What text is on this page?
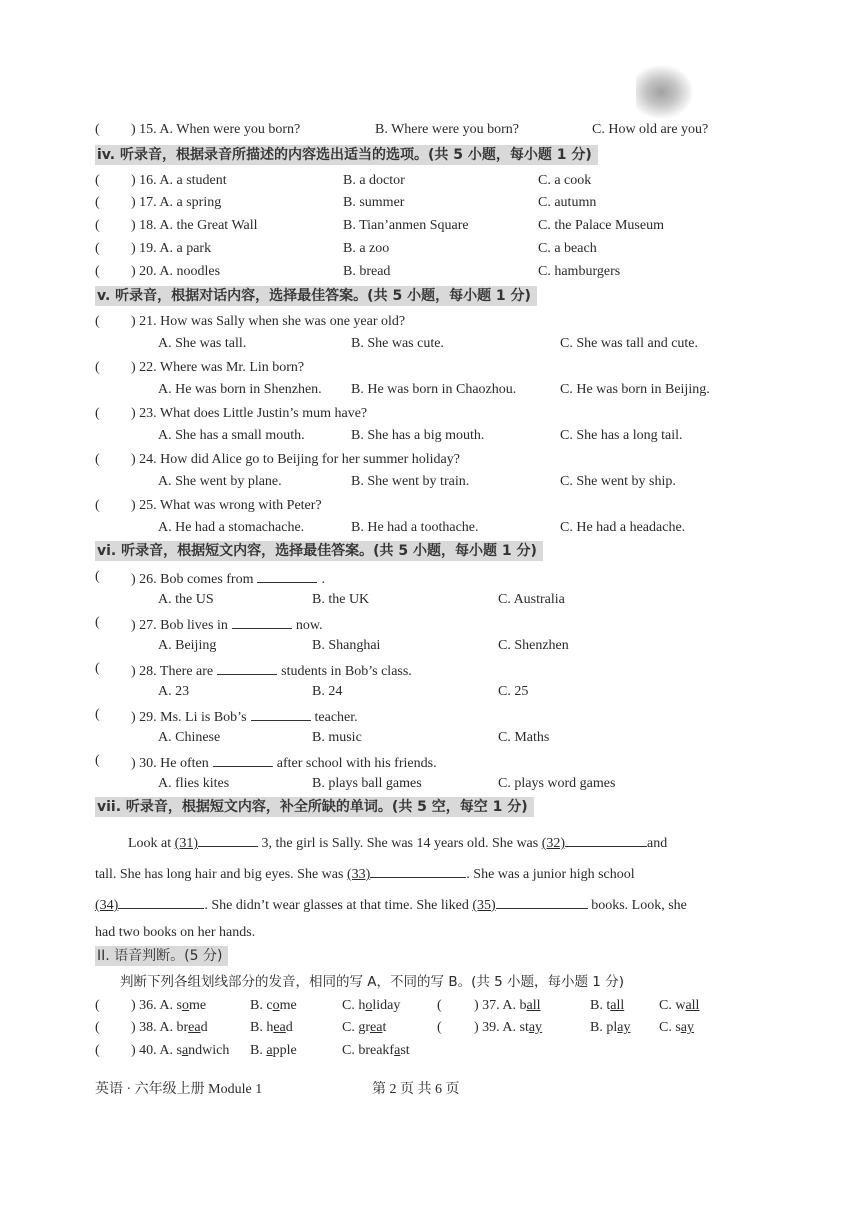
( ) 15. A. When were you born?	B. Where were you born?	C. How old are you?
iv. 听录音，根据录音所描述的内容选出适当的选项。(共 5 小题，每小题 1 分)
( ) 16. A. a student	B. a doctor	C. a cook
( ) 17. A. a spring	B. summer	C. autumn
( ) 18. A. the Great Wall	B. Tian’anmen Square	C. the Palace Museum
( ) 19. A. a park	B. a zoo	C. a beach
( ) 20. A. noodles	B. bread	C. hamburgers
v. 听录音，根据对话内容，选择最佳答案。(共 5 小题，每小题 1 分)
( ) 21. How was Sally when she was one year old?
A. She was tall.	B. She was cute.	C. She was tall and cute.
( ) 22. Where was Mr. Lin born?
A. He was born in Shenzhen. B. He was born in Chaozhou.	C. He was born in Beijing.
( ) 23. What does Little Justin’s mum have?
A. She has a small mouth.	B. She has a big mouth.	C. She has a long tail.
( ) 24. How did Alice go to Beijing for her summer holiday?
A. She went by plane.	B. She went by train.	C. She went by ship.
( ) 25. What was wrong with Peter?
A. He had a stomachache.	B. He had a toothache.	C. He had a headache.
vi. 听录音，根据短文内容，选择最佳答案。(共 5 小题，每小题 1 分)
( ) 26. Bob comes from	.
A. the US	B. the UK	C. Australia
( ) 27. Bob lives in	now.
A. Beijing	B. Shanghai	C. Shenzhen
( ) 28. There are	students in Bob’s class.
A. 23	B. 24	C. 25
( ) 29. Ms. Li is Bob’s	teacher.
A. Chinese	B. music	C. Maths
( ) 30. He often	after school with his friends.
A. flies kites	B. plays ball games	C. plays word games
vii. 听录音，根据短文内容，补全所缺的单词。(共 5 空，每空 1 分)
Look at (31)	3, the girl is Sally. She was 14 years old. She was (32)	and
tall. She has long hair and big eyes. She was (33)	. She was a junior high school
(34)	. She didn’t wear glasses at that time. She liked (35)	books. Look, she
had two books on her hands.
II. 语音判断。(5 分)
判断下列各组划线部分的发音，相同的写 A，不同的写 B。(共 5 小题，每小题 1 分)
( ) 36. A. some	B. come	C. holiday	( ) 37. A. ball	B. tall C. wall
( ) 38. A. bread	B. head	C. great	( ) 39. A. stay	B. play C. say
( ) 40. A. sandwich B. apple	C. breakfast
英语 · 六年级上册 Module 1	第 2 页 共 6 页
